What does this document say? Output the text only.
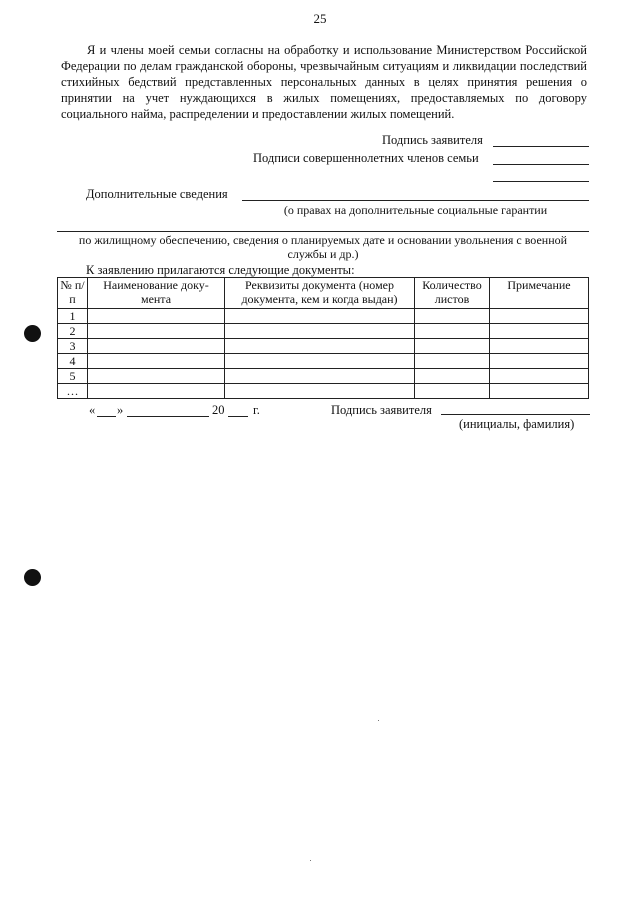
25

Я и члены моей семьи согласны на обработку и использование Министерством Российской Федерации по делам гражданской обороны, чрезвычайным ситуациям и ликвидации последствий стихийных бедствий представленных персональных данных в целях принятия решения о принятии на учет нуждающихся в жилых помещениях, предоставляемых по договору социального найма, распределении и предоставлении жилых помещений.

Подпись заявителя
Подписи совершеннолетних членов семьи
Дополнительные сведения
(о правах на дополнительные социальные гарантии
по жилищному обеспечению, сведения о планируемых дате и основании увольнения с военной
службы и др.)
К заявлению прилагаются следующие документы:
№ п/п	Наименование доку-мента	Реквизиты документа (номер документа, кем и когда выдан)	Количество листов	Примечание
1				
2				
3				
4				
5				
…				
« »	20 г.	Подпись заявителя
(инициалы, фамилия)
